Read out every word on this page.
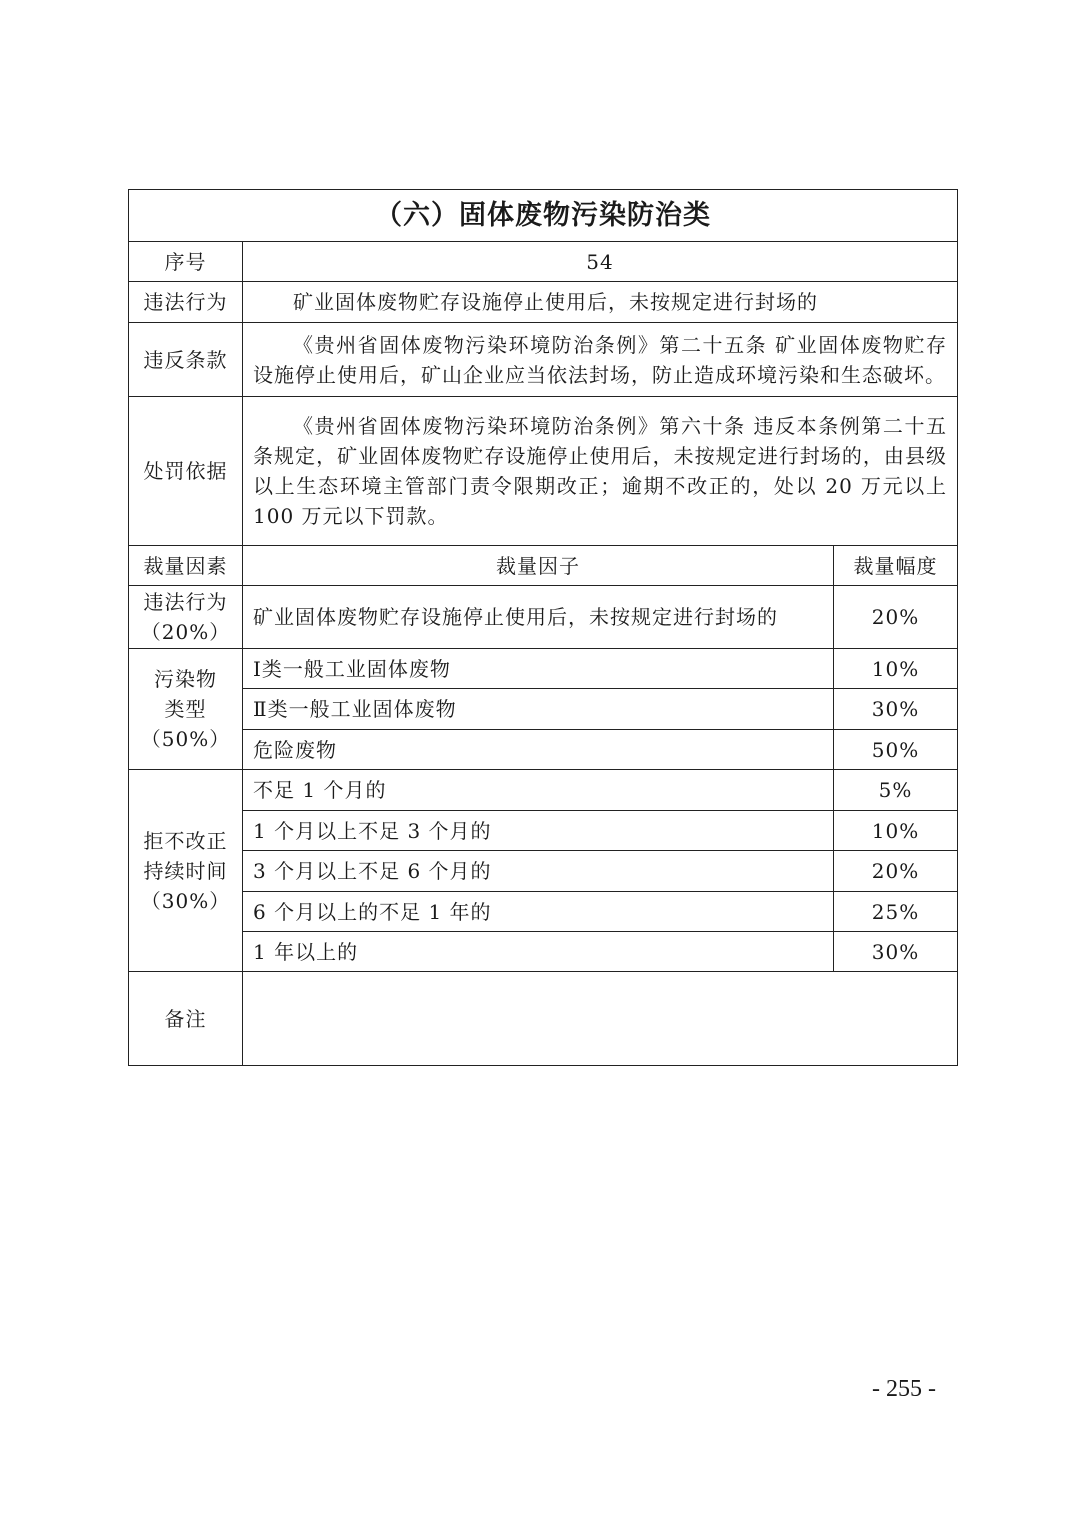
（六）固体废物污染防治类		
序号	54	
违法行为	矿业固体废物贮存设施停止使用后，未按规定进行封场的	
违反条款	《贵州省固体废物污染环境防治条例》第二十五条 矿业固体废物贮存设施停止使用后，矿山企业应当依法封场，防止造成环境污染和生态破坏。	
处罚依据	《贵州省固体废物污染环境防治条例》第六十条 违反本条例第二十五条规定，矿业固体废物贮存设施停止使用后，未按规定进行封场的，由县级以上生态环境主管部门责令限期改正；逾期不改正的，处以 20 万元以上 100 万元以下罚款。	
裁量因素	裁量因子	裁量幅度

违法行为
（20%）	矿业固体废物贮存设施停止使用后，未按规定进行封场的	20%

污染物
类型
（50%）	Ⅰ类一般工业固体废物	10%
	Ⅱ类一般工业固体废物	30%
	危险废物	50%

拒不改正
持续时间
（30%）	不足 1 个月的	5%
	1 个月以上不足 3 个月的	10%
	3 个月以上不足 6 个月的	20%
	6 个月以上的不足 1 年的	25%
	1 年以上的	30%
备注		
- 255 -
